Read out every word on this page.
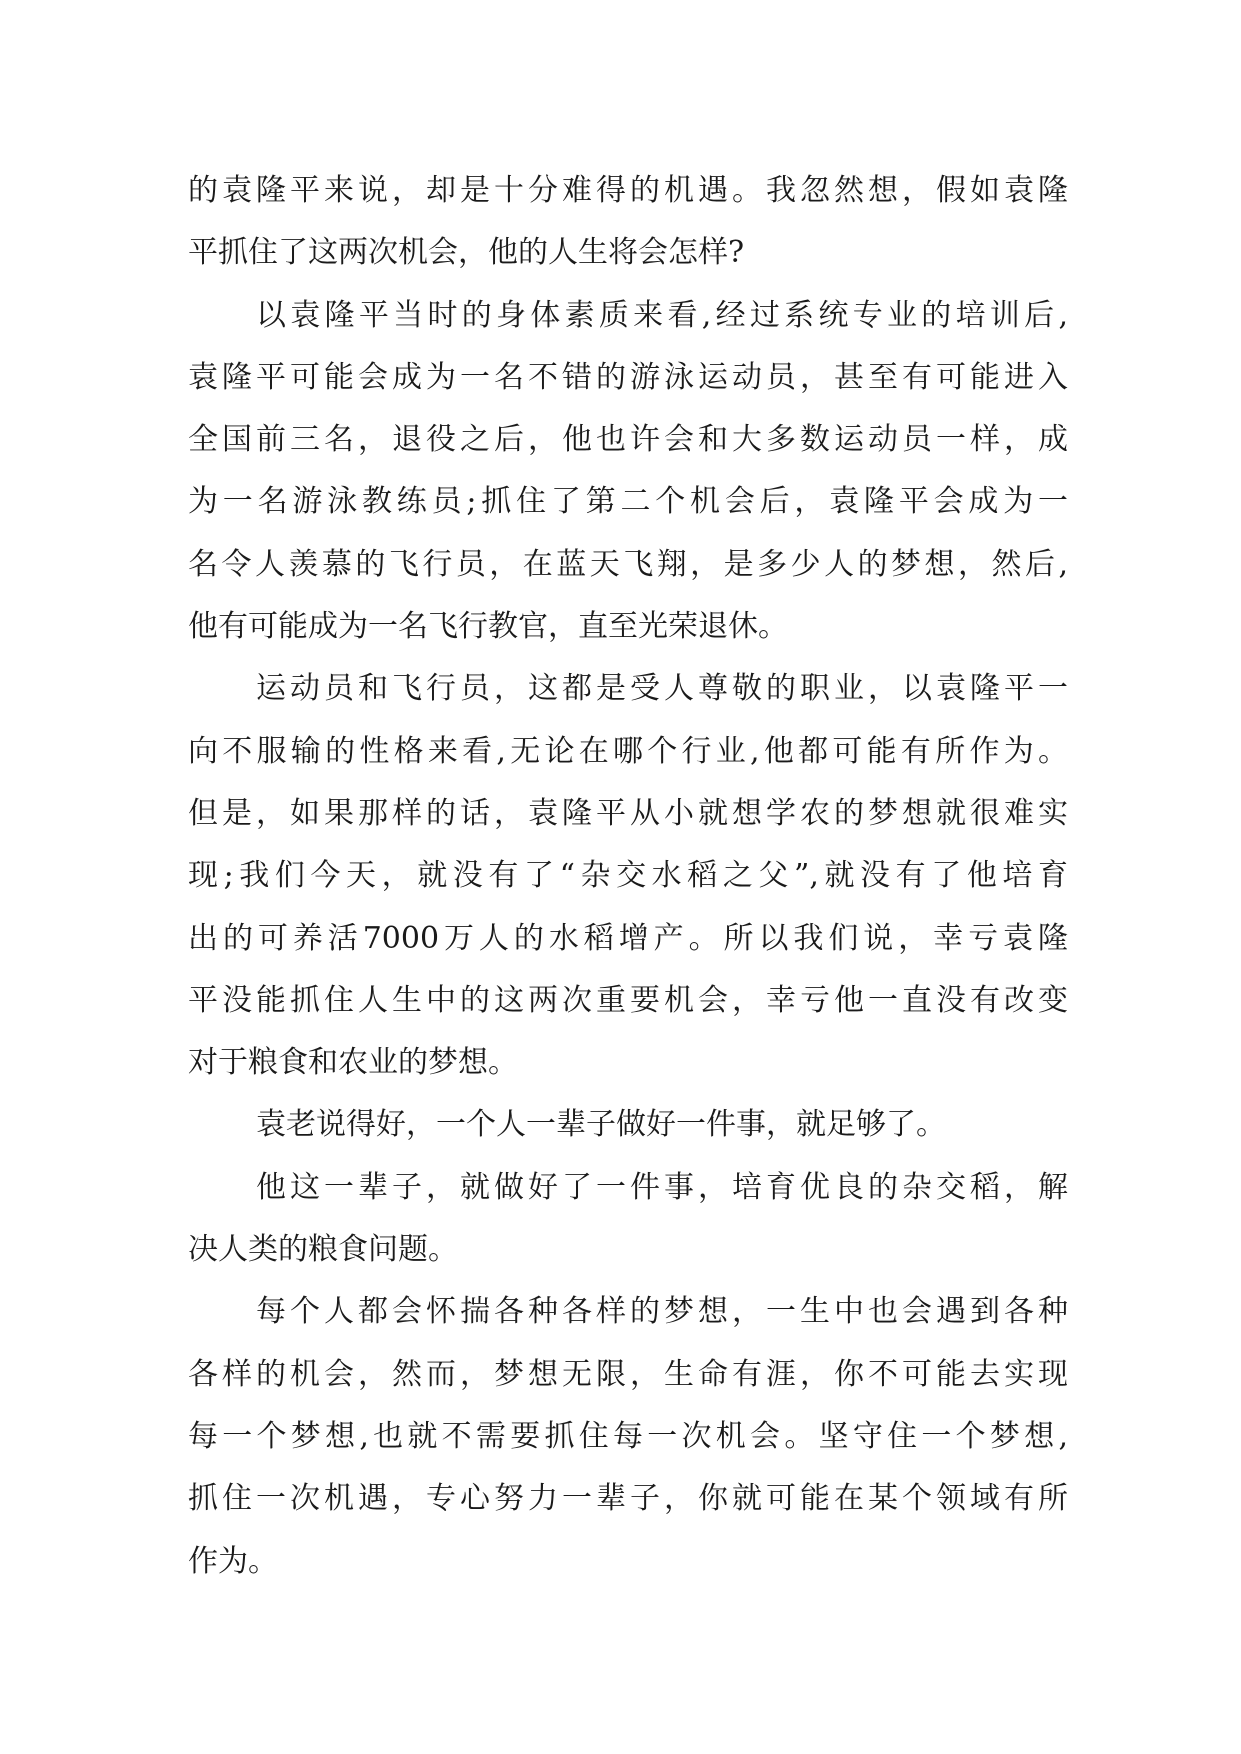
的袁隆平来说，却是十分难得的机遇。我忽然想，假如袁隆
平抓住了这两次机会，他的人生将会怎样?
以袁隆平当时的身体素质来看,经过系统专业的培训后,
袁隆平可能会成为一名不错的游泳运动员，甚至有可能进入
全国前三名，退役之后，他也许会和大多数运动员一样，成
为一名游泳教练员;抓住了第二个机会后，袁隆平会成为一
名令人羡慕的飞行员，在蓝天飞翔，是多少人的梦想，然后,
他有可能成为一名飞行教官，直至光荣退休。
运动员和飞行员，这都是受人尊敬的职业，以袁隆平一
向不服输的性格来看,无论在哪个行业,他都可能有所作为。
但是，如果那样的话，袁隆平从小就想学农的梦想就很难实
现;我们今天，就没有了“杂交水稻之父”,就没有了他培育
出的可养活7000万人的水稻增产。所以我们说，幸亏袁隆
平没能抓住人生中的这两次重要机会，幸亏他一直没有改变
对于粮食和农业的梦想。
袁老说得好，一个人一辈子做好一件事，就足够了。
他这一辈子，就做好了一件事，培育优良的杂交稻，解
决人类的粮食问题。
每个人都会怀揣各种各样的梦想，一生中也会遇到各种
各样的机会，然而，梦想无限，生命有涯，你不可能去实现
每一个梦想,也就不需要抓住每一次机会。坚守住一个梦想,
抓住一次机遇，专心努力一辈子，你就可能在某个领域有所
作为。
